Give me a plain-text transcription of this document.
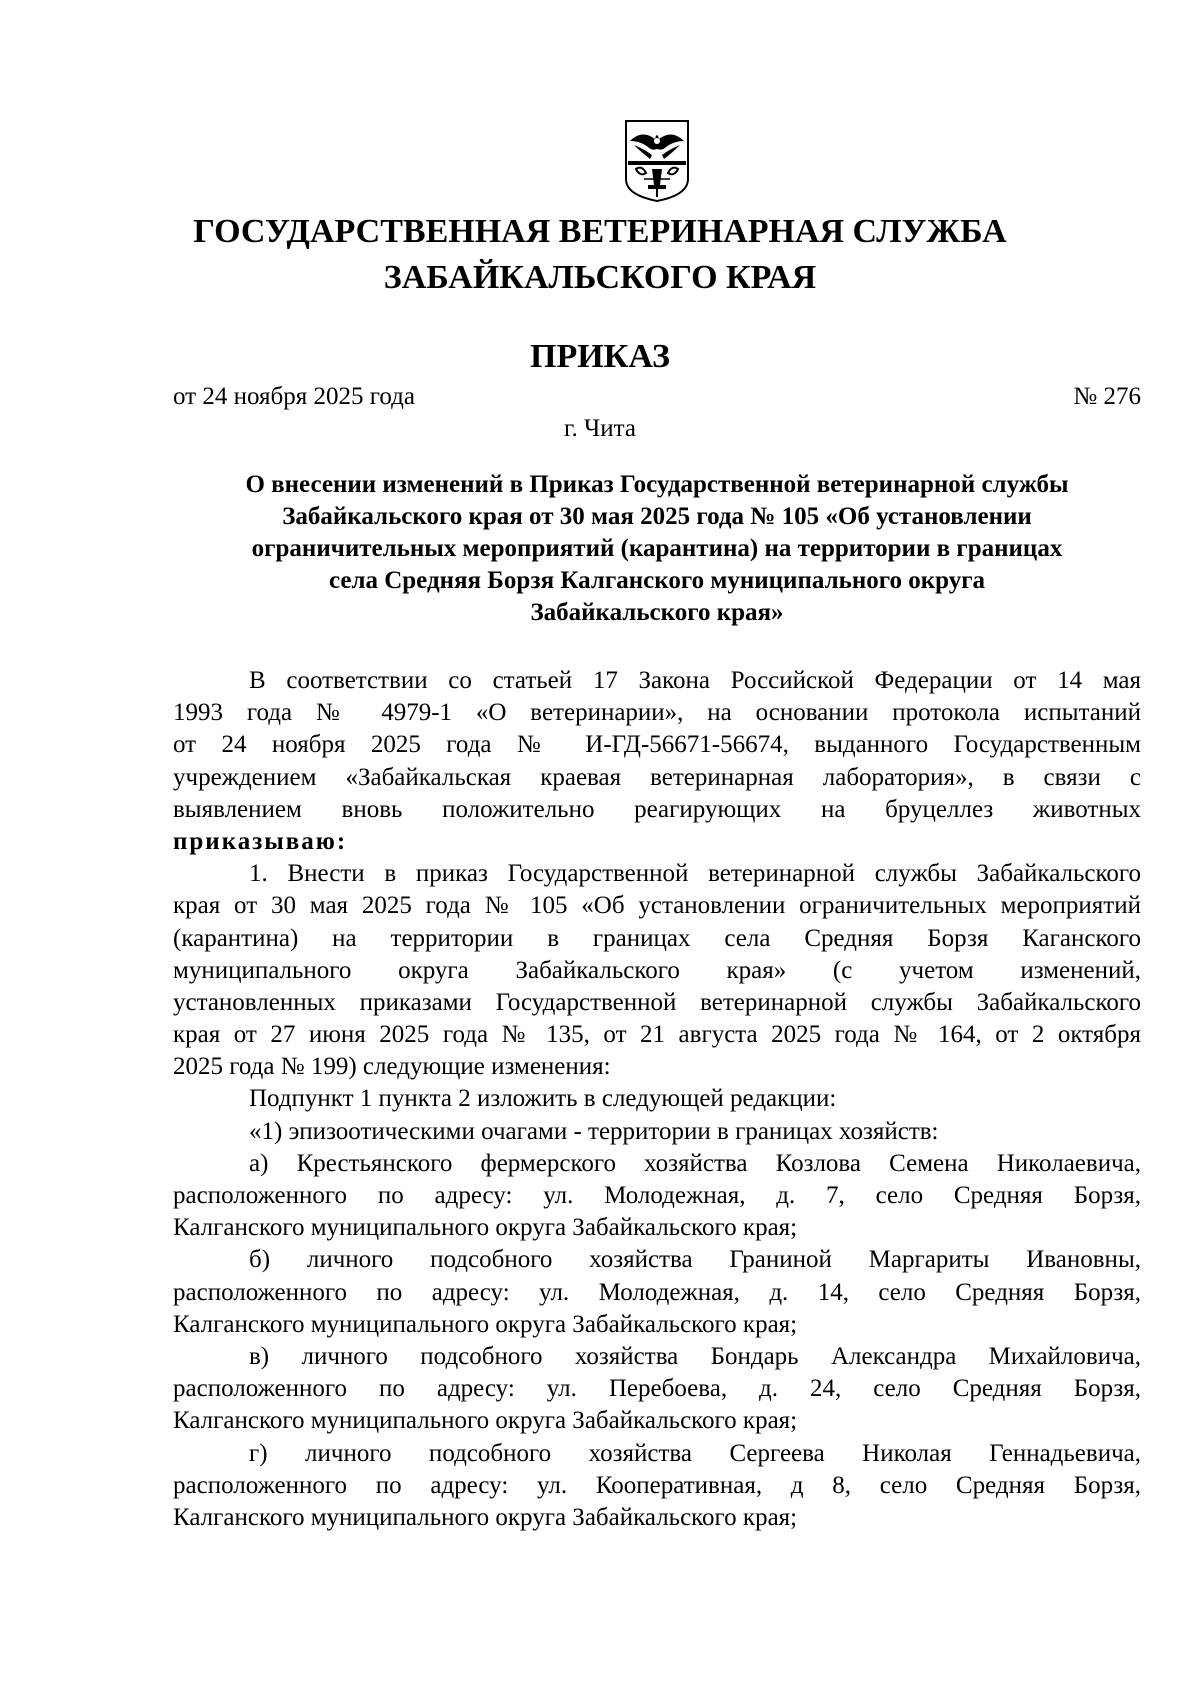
ГОСУДАРСТВЕННАЯ ВЕТЕРИНАРНАЯ СЛУЖБА
ЗАБАЙКАЛЬСКОГО КРАЯ
ПРИКАЗ
от 24 ноября 2025 года	№ 276
г. Чита
О внесении изменений в Приказ Государственной ветеринарной службы
Забайкальского края от 30 мая 2025 года № 105 «Об установлении
ограничительных мероприятий (карантина) на территории в границах
села Средняя Борзя Калганского муниципального округа
Забайкальского края»
В соответствии со статьей 17 Закона Российской Федерации от 14 мая
1993 года № 4979-1 «О ветеринарии», на основании протокола испытаний
от 24 ноября 2025 года № И-ГД-56671-56674, выданного Государственным
учреждением «Забайкальская краевая ветеринарная лаборатория», в связи с
выявлением вновь положительно реагирующих на бруцеллез животных
приказываю:
1. Внести в приказ Государственной ветеринарной службы Забайкальского
края от 30 мая 2025 года № 105 «Об установлении ограничительных мероприятий
(карантина) на территории в границах села Средняя Борзя Каганского
муниципального округа Забайкальского края» (с учетом изменений,
установленных приказами Государственной ветеринарной службы Забайкальского
края от 27 июня 2025 года № 135, от 21 августа 2025 года № 164, от 2 октября
2025 года № 199) следующие изменения:
Подпункт 1 пункта 2 изложить в следующей редакции:
«1) эпизоотическими очагами - территории в границах хозяйств:
а) Крестьянского фермерского хозяйства Козлова Семена Николаевича,
расположенного по адресу: ул. Молодежная, д. 7, село Средняя Борзя,
Калганского муниципального округа Забайкальского края;
б) личного подсобного хозяйства Граниной Маргариты Ивановны,
расположенного по адресу: ул. Молодежная, д. 14, село Средняя Борзя,
Калганского муниципального округа Забайкальского края;
в) личного подсобного хозяйства Бондарь Александра Михайловича,
расположенного по адресу: ул. Перебоева, д. 24, село Средняя Борзя,
Калганского муниципального округа Забайкальского края;
г) личного подсобного хозяйства Сергеева Николая Геннадьевича,
расположенного по адресу: ул. Кооперативная, д 8, село Средняя Борзя,
Калганского муниципального округа Забайкальского края;
